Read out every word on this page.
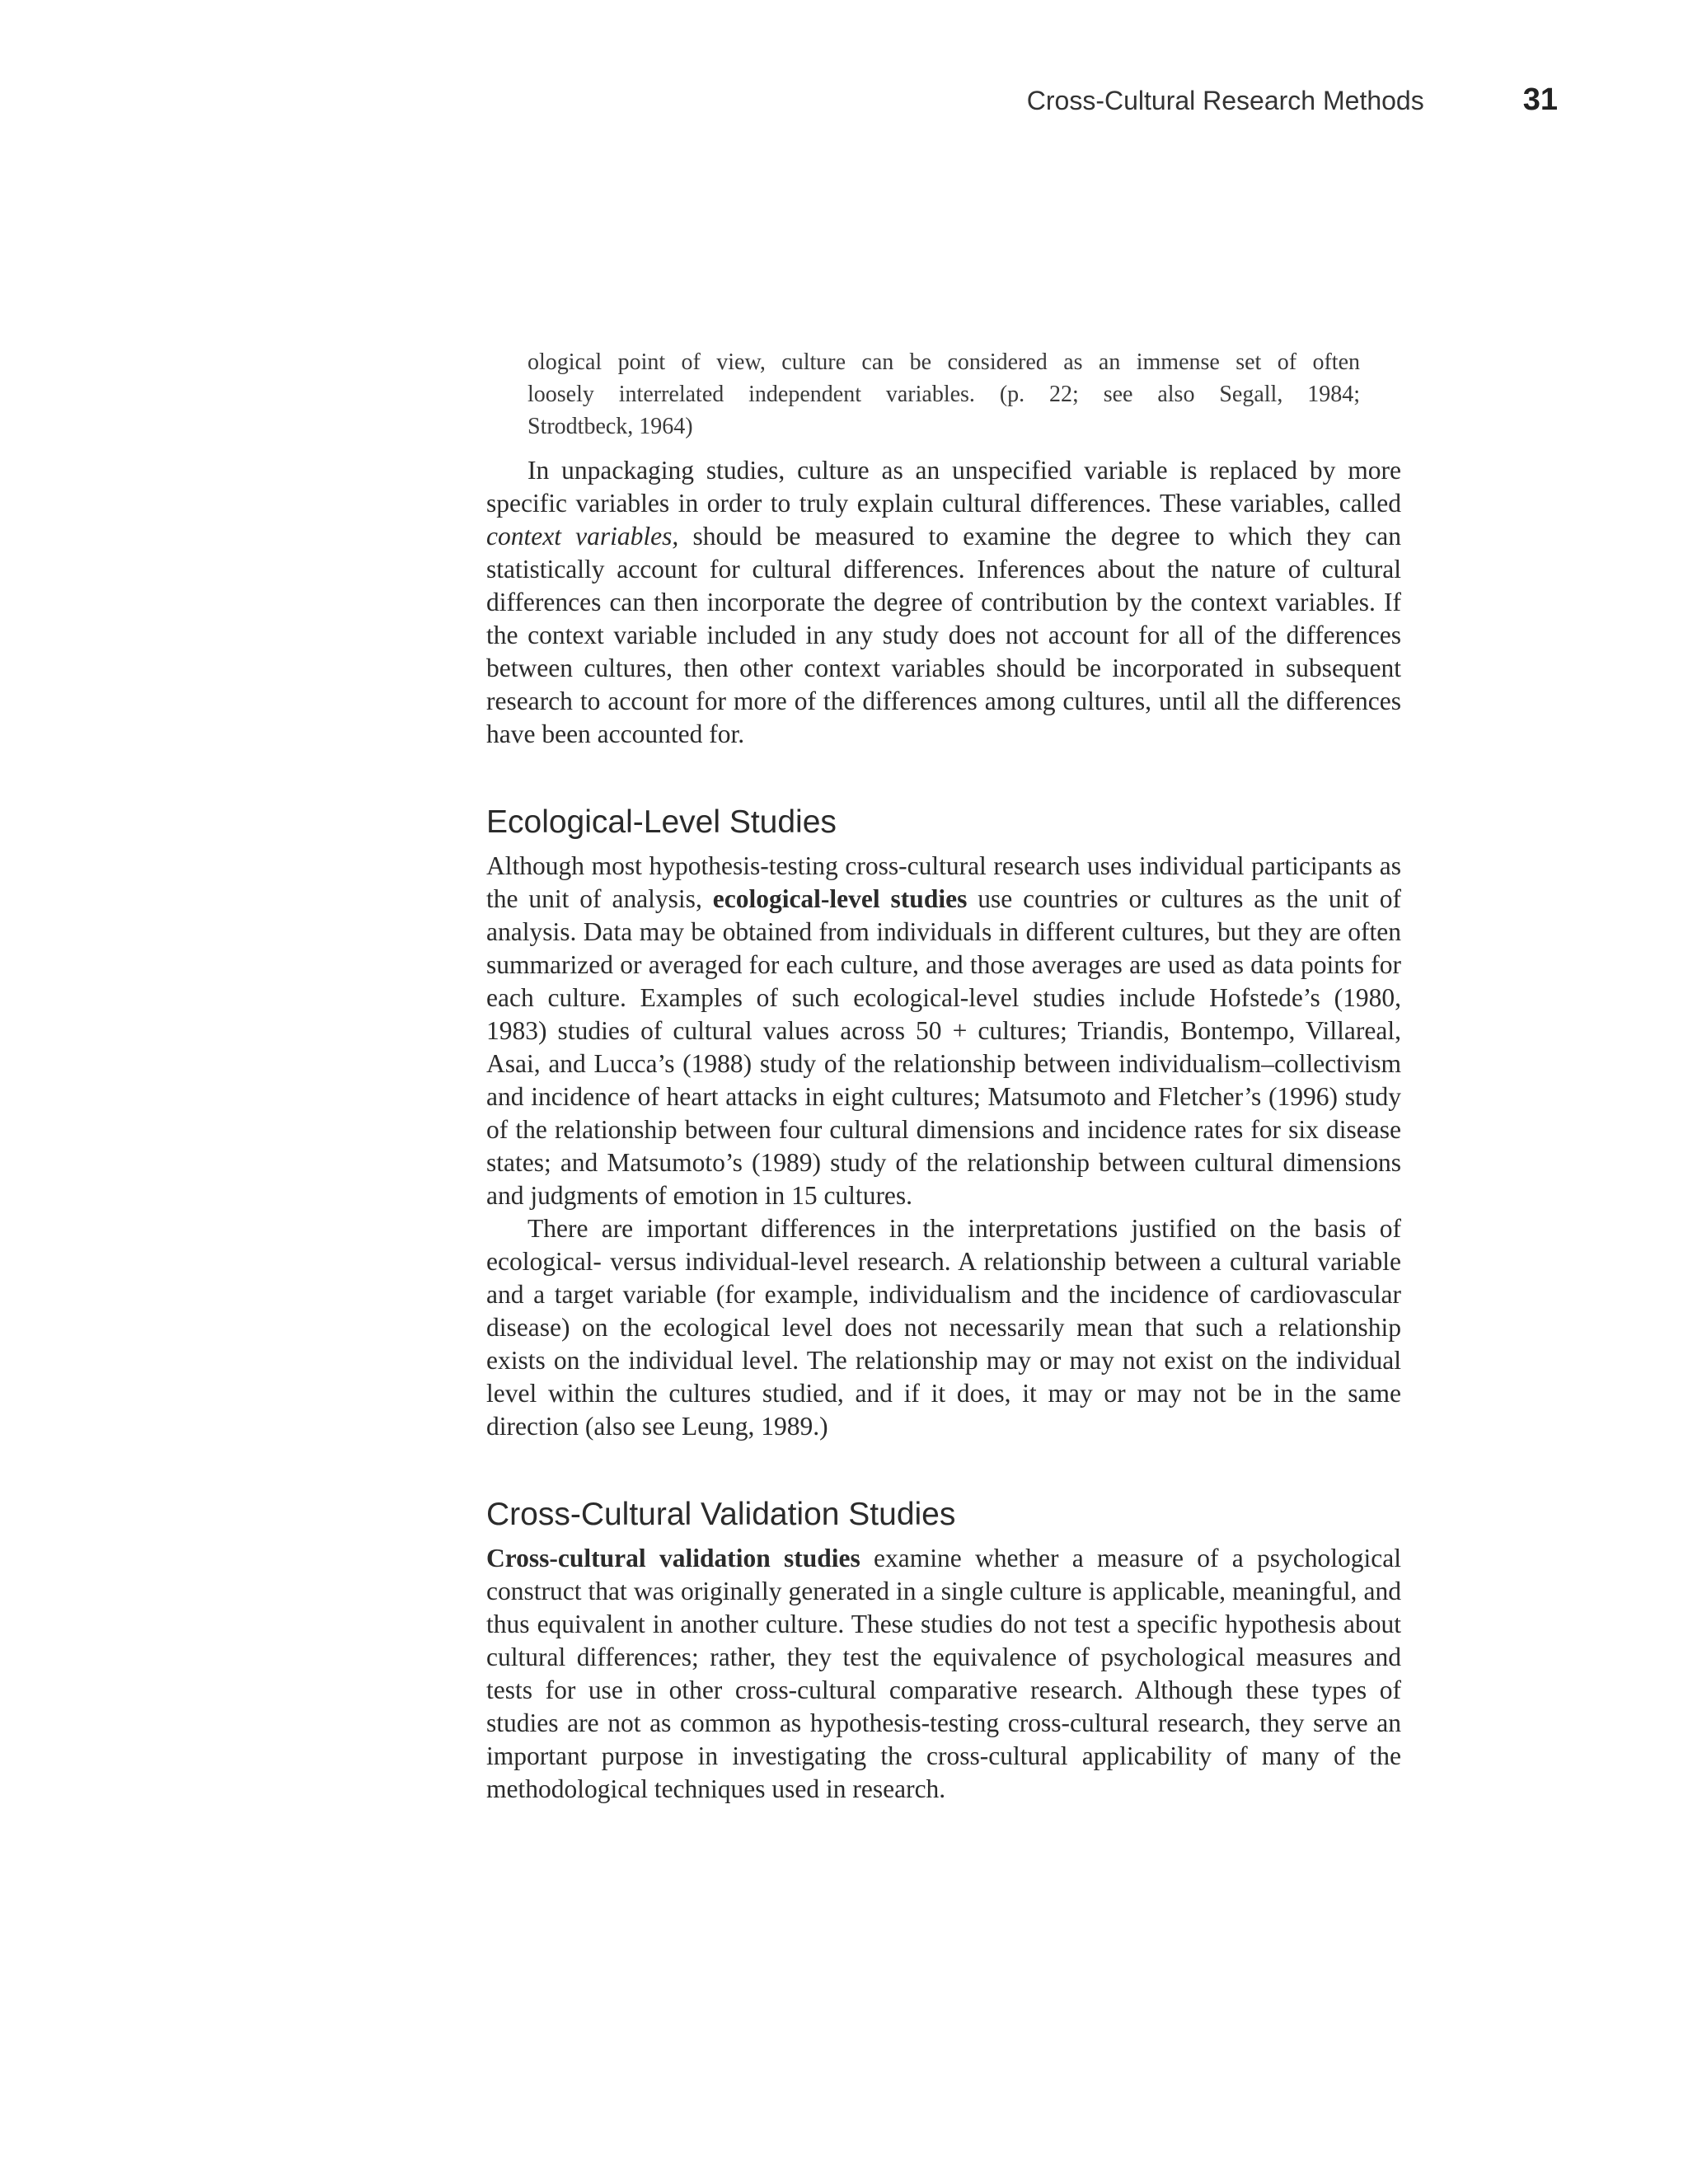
Cross-Cultural Research Methods	31
ological point of view, culture can be considered as an immense set of often
loosely interrelated independent variables. (p. 22; see also Segall, 1984;
Strodtbeck, 1964)

In unpackaging studies, culture as an unspecified variable is replaced by more specific variables in order to truly explain cultural differences. These variables, called context variables, should be measured to examine the degree to which they can statistically account for cultural differences. Inferences about the nature of cultural differences can then incorporate the degree of contribution by the context variables. If the context variable included in any study does not account for all of the differences between cultures, then other context variables should be incorporated in subsequent research to account for more of the differences among cultures, until all the differences have been accounted for.

Ecological-Level Studies

Although most hypothesis-testing cross-cultural research uses individual participants as the unit of analysis, ecological-level studies use countries or cultures as the unit of analysis. Data may be obtained from individuals in different cultures, but they are often summarized or averaged for each culture, and those averages are used as data points for each culture. Examples of such ecological-level studies include Hofstede’s (1980, 1983) studies of cultural values across 50 + cultures; Triandis, Bontempo, Villareal, Asai, and Lucca’s (1988) study of the relationship between individualism–collectivism and incidence of heart attacks in eight cultures; Matsumoto and Fletcher’s (1996) study of the relationship between four cultural dimensions and incidence rates for six disease states; and Matsumoto’s (1989) study of the relationship between cultural dimensions and judgments of emotion in 15 cultures.

There are important differences in the interpretations justified on the basis of ecological- versus individual-level research. A relationship between a cultural variable and a target variable (for example, individualism and the incidence of cardiovascular disease) on the ecological level does not necessarily mean that such a relationship exists on the individual level. The relationship may or may not exist on the individual level within the cultures studied, and if it does, it may or may not be in the same direction (also see Leung, 1989.)

Cross-Cultural Validation Studies

Cross-cultural validation studies examine whether a measure of a psychological construct that was originally generated in a single culture is applicable, meaningful, and thus equivalent in another culture. These studies do not test a specific hypothesis about cultural differences; rather, they test the equivalence of psychological measures and tests for use in other cross-cultural comparative research. Although these types of studies are not as common as hypothesis-testing cross-cultural research, they serve an important purpose in investigating the cross-cultural applicability of many of the methodological techniques used in research.
